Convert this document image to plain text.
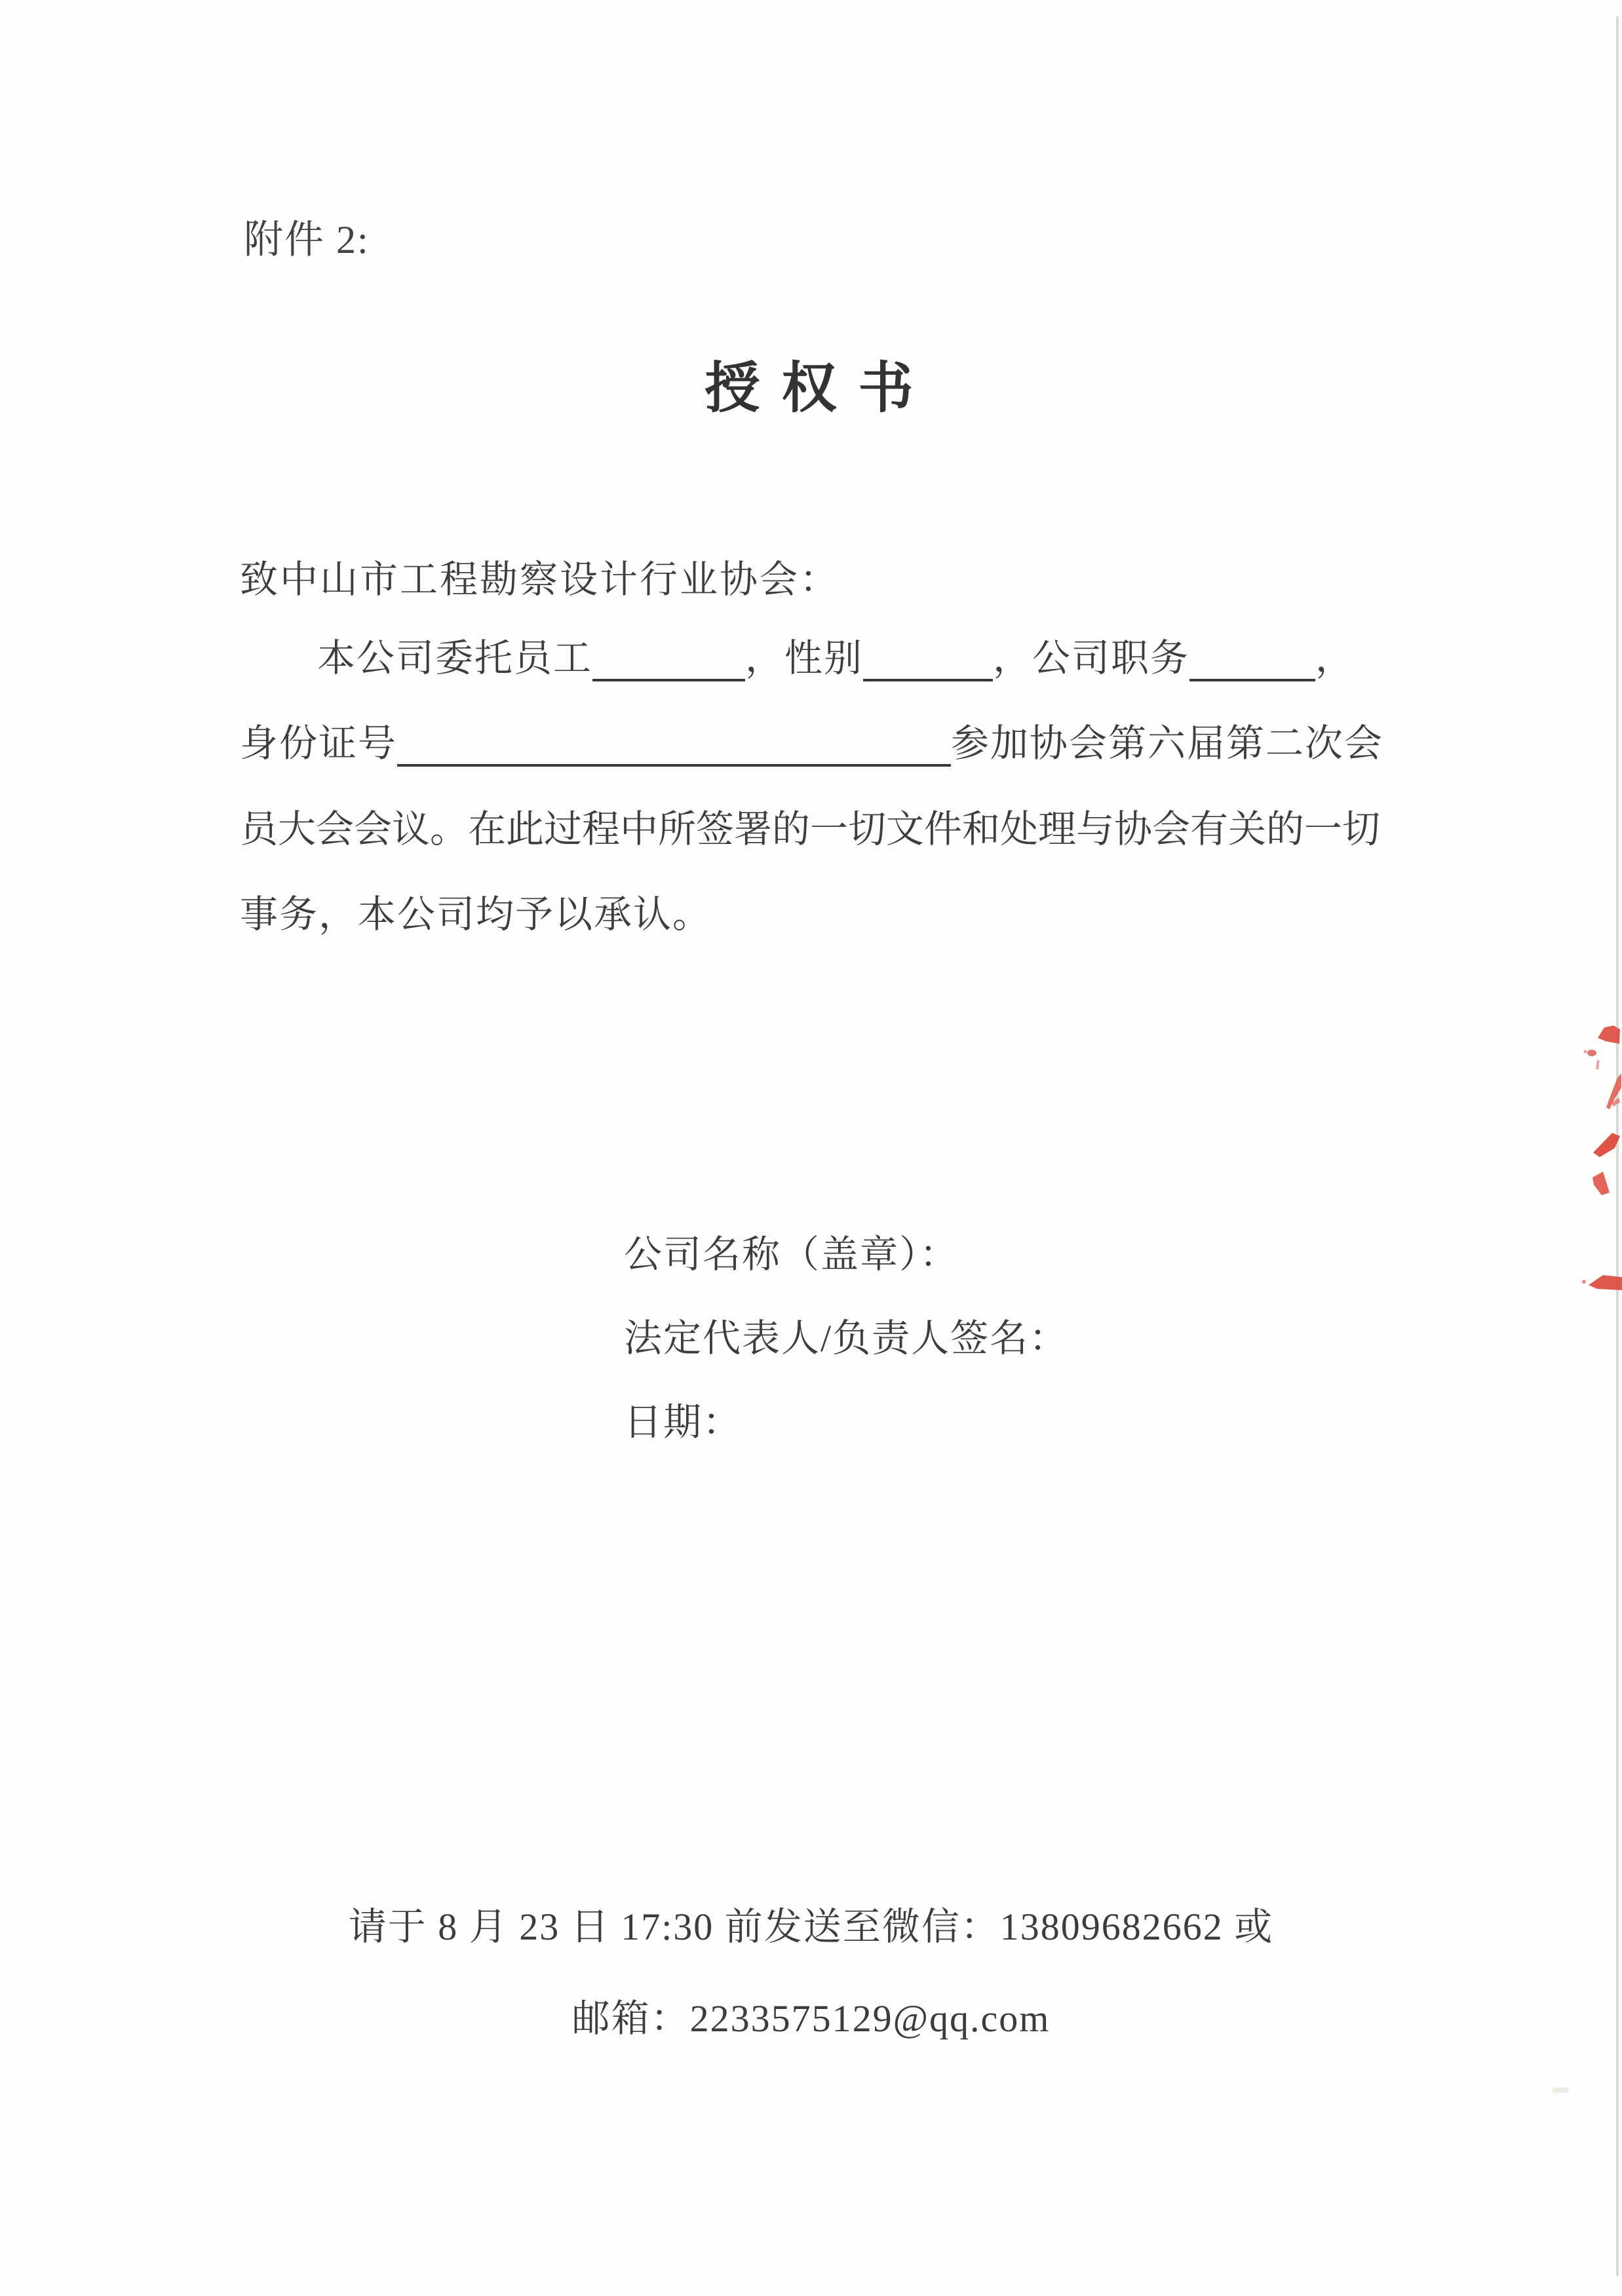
附件 2:
授 权 书
致中山市工程勘察设计行业协会：
本公司委托员工	，性别	，公司职务	，
身份证号	参加协会第六届第二次会
员大会会议。在此过程中所签署的一切文件和处理与协会有关的一切
事务，本公司均予以承认。
公司名称（盖章）：
法定代表人/负责人签名：
日期：
请于 8 月 23 日 17:30 前发送至微信：13809682662 或
邮箱：2233575129@qq.com
